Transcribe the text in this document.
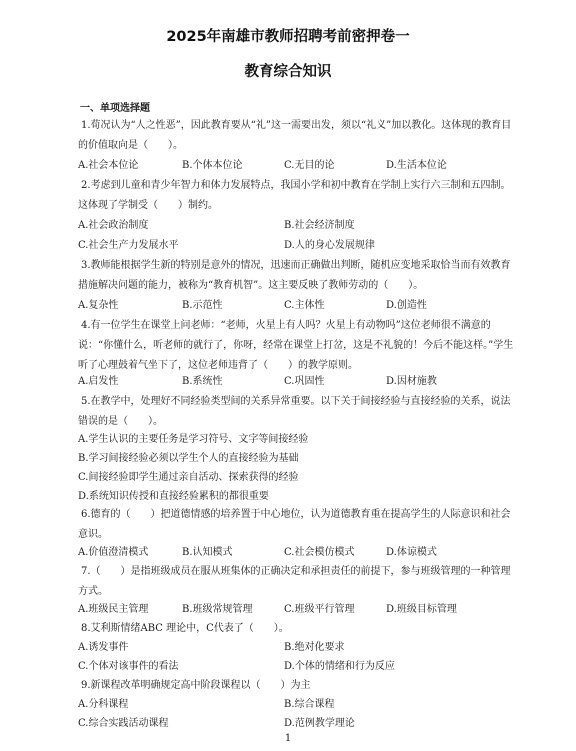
2025年南雄市教师招聘考前密押卷一
教育综合知识
一、单项选择题
1.荀况认为“人之性恶”，因此教育要从“礼”这一需要出发，须以“礼义”加以教化。这体现的教育目的价值取向是（　　）。
A.社会本位论	B.个体本位论	C.无目的论	D.生活本位论
2.考虑到儿童和青少年智力和体力发展特点，我国小学和初中教育在学制上实行六三制和五四制。这体现了学制受（　　）制约。
A.社会政治制度	B.社会经济制度
C.社会生产力发展水平	D.人的身心发展规律
3.教师能根据学生新的特别是意外的情况，迅速而正确做出判断，随机应变地采取恰当而有效教育措施解决问题的能力，被称为“教育机智”。这主要反映了教师劳动的（　　）。
A.复杂性	B.示范性	C.主体性	D.创造性
4.有一位学生在课堂上问老师：“老师，火星上有人吗？火星上有动物吗”这位老师很不满意的说：“你懂什么，听老师的就行了，你呀，经常在课堂上打岔，这是不礼貌的！今后不能这样。”学生听了心理鼓着气坐下了，这位老师违背了（　　）的教学原则。
A.启发性	B.系统性	C.巩固性	D.因材施教
5.在教学中，处理好不同经验类型间的关系异常重要。以下关于间接经验与直接经验的关系，说法错误的是（　　）。
A.学生认识的主要任务是学习符号、文字等间接经验
B.学习间接经验必须以学生个人的直接经验为基础
C.间接经验即学生通过亲自活动、探索获得的经验
D.系统知识传授和直接经验累积的都很重要
6.德育的（　　）把道德情感的培养置于中心地位，认为道德教育重在提高学生的人际意识和社会意识。
A.价值澄清模式	B.认知模式	C.社会模仿模式	D.体谅模式
7.（　　）是指班级成员在服从班集体的正确决定和承担责任的前提下，参与班级管理的一种管理方式。
A.班级民主管理	B.班级常规管理	C.班级平行管理	D.班级目标管理
8.艾利斯情绪ABC 理论中，C代表了（　　）。
A.诱发事件	B.绝对化要求
C.个体对该事件的看法	D.个体的情绪和行为反应
9.新课程改革明确规定高中阶段课程以（　　）为主
A.分科课程	B.综合课程
C.综合实践活动课程	D.范例教学理论
1
